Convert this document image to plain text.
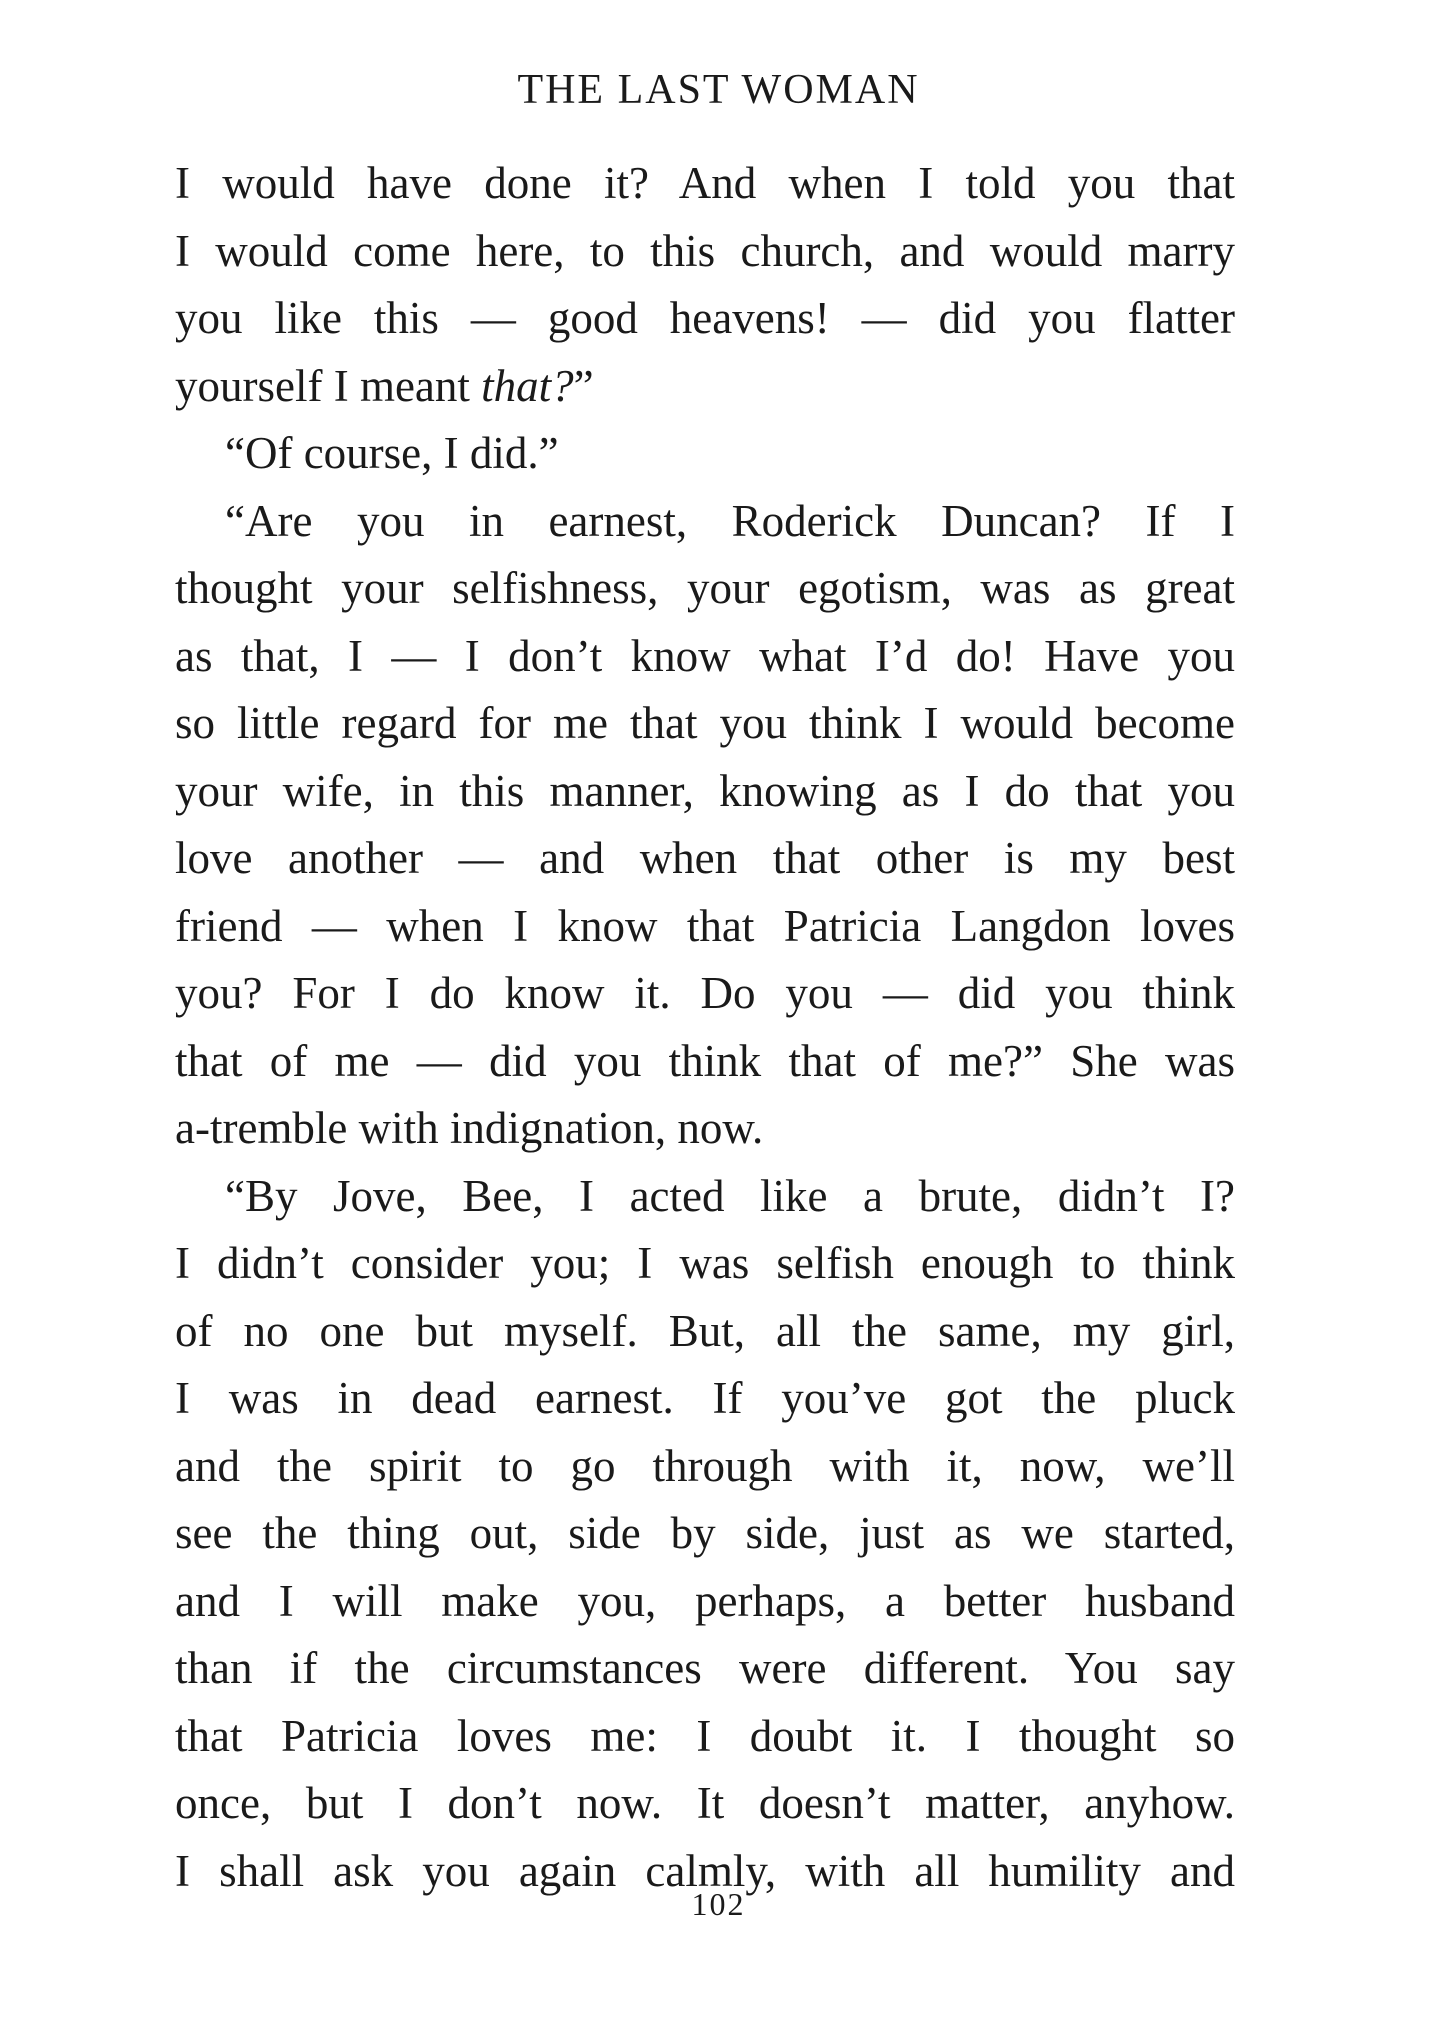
THE LAST WOMAN
I would have done it? And when I told you that
I would come here, to this church, and would marry
you like this — good heavens! — did you flatter
yourself I meant that?”
“Of course, I did.”
“Are you in earnest, Roderick Duncan? If I
thought your selfishness, your egotism, was as great
as that, I — I don’t know what I’d do! Have you
so little regard for me that you think I would become
your wife, in this manner, knowing as I do that you
love another — and when that other is my best
friend — when I know that Patricia Langdon loves
you? For I do know it. Do you — did you think
that of me — did you think that of me?” She was
a-tremble with indignation, now.
“By Jove, Bee, I acted like a brute, didn’t I?
I didn’t consider you; I was selfish enough to think
of no one but myself. But, all the same, my girl,
I was in dead earnest. If you’ve got the pluck
and the spirit to go through with it, now, we’ll
see the thing out, side by side, just as we started,
and I will make you, perhaps, a better husband
than if the circumstances were different. You say
that Patricia loves me: I doubt it. I thought so
once, but I don’t now. It doesn’t matter, anyhow.
I shall ask you again calmly, with all humility and
102
